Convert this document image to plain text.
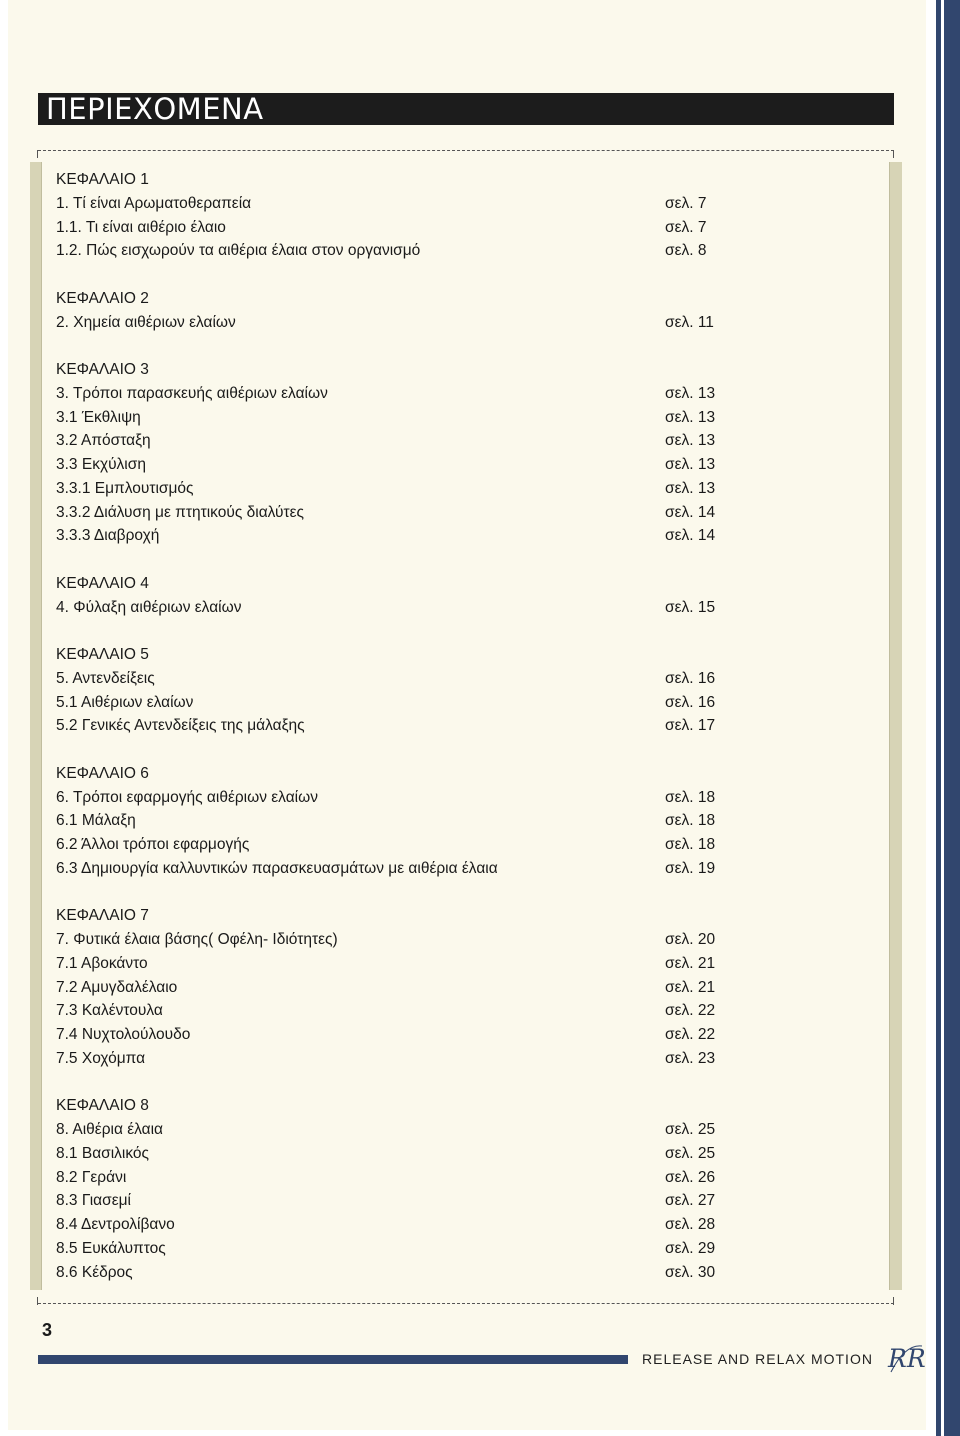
ΠΕΡΙΕΧΟΜΕΝΑ
ΚΕΦΑΛΑΙΟ 1
1. Τί είναι Αρωματοθεραπεία	σελ. 7
1.1. Τι είναι αιθέριο έλαιο	σελ. 7
1.2. Πώς εισχωρούν τα αιθέρια έλαια στον οργανισμό	σελ. 8
ΚΕΦΑΛΑΙΟ 2
2. Χημεία αιθέριων ελαίων	σελ. 11
ΚΕΦΑΛΑΙΟ 3
3. Τρόποι παρασκευής αιθέριων ελαίων	σελ. 13
3.1 Έκθλιψη	σελ. 13
3.2 Απόσταξη	σελ. 13
3.3 Εκχύλιση	σελ. 13
3.3.1 Εμπλουτισμός	σελ. 13
3.3.2 Διάλυση με πτητικούς διαλύτες	σελ. 14
3.3.3 Διαβροχή	σελ. 14
ΚΕΦΑΛΑΙΟ 4
4. Φύλαξη αιθέριων ελαίων	σελ. 15
ΚΕΦΑΛΑΙΟ 5
5. Αντενδείξεις	σελ. 16
5.1 Αιθέριων ελαίων	σελ. 16
5.2 Γενικές Αντενδείξεις της μάλαξης	σελ. 17
ΚΕΦΑΛΑΙΟ 6
6. Τρόποι εφαρμογής αιθέριων ελαίων	σελ. 18
6.1 Μάλαξη	σελ. 18
6.2 Άλλοι τρόποι εφαρμογής	σελ. 18
6.3 Δημιουργία καλλυντικών παρασκευασμάτων με αιθέρια έλαια	σελ. 19
ΚΕΦΑΛΑΙΟ 7
7. Φυτικά έλαια βάσης( Οφέλη- Ιδιότητες)	σελ. 20
7.1 Αβοκάντο	σελ. 21
7.2 Αμυγδαλέλαιο	σελ. 21
7.3 Καλέντουλα	σελ. 22
7.4 Νυχτολούλουδο	σελ. 22
7.5 Χοχόμπα	σελ. 23
ΚΕΦΑΛΑΙΟ 8
8. Αιθέρια έλαια	σελ. 25
8.1 Βασιλικός	σελ. 25
8.2 Γεράνι	σελ. 26
8.3 Γιασεμί	σελ. 27
8.4 Δεντρολίβανο	σελ. 28
8.5 Ευκάλυπτος	σελ. 29
8.6 Κέδρος	σελ. 30
3
RELEASE AND RELAX MOTION RR
